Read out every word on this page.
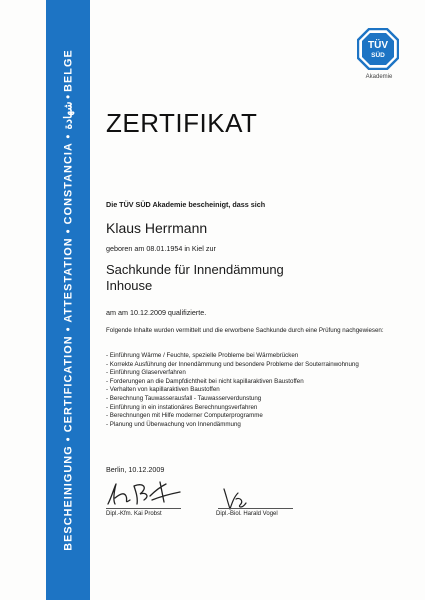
BESCHEINIGUNG • CERTIFICATION • ATTESTATION • CONSTANCIA • شهادة • BELGE
TÜV
SÜD
Akademie
ZERTIFIKAT
Die TÜV SÜD Akademie bescheinigt, dass sich
Klaus Herrmann
geboren am 08.01.1954 in Kiel zur
Sachkunde für Innendämmung
Inhouse
am am 10.12.2009 qualifizierte.
Folgende Inhalte wurden vermittelt und die erworbene Sachkunde durch eine Prüfung nachgewiesen:
- Einführung Wärme / Feuchte, spezielle Probleme bei Wärmebrücken
- Korrekte Ausführung der Innendämmung und besondere Probleme der Souterrainwohnung
- Einführung Glaserverfahren
- Forderungen an die Dampfdichtheit bei nicht kapillaraktiven Baustoffen
- Verhalten von kapillaraktiven Baustoffen
- Berechnung Tauwasserausfall - Tauwasserverdunstung
- Einführung in ein instationäres Berechnungsverfahren
- Berechnungen mit Hilfe moderner Computerprogramme
- Planung und Überwachung von Innendämmung
Berlin, 10.12.2009
Dipl.-Kfm. Kai Probst	Dipl.-Biol. Harald Vogel
